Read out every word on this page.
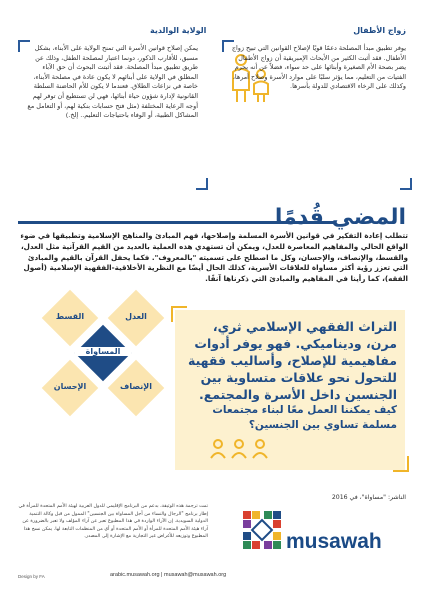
زواج الأطفال
يوفر تطبيق مبدأ المصلحة دعمًا قويًا لإصلاح القوانين التي تبيح زواج الأطفال. فقد أثبت الكثير من الأبحاث الإمبريقية أن زواج الأطفال يضر بصحة الأم الصغيرة وأبنائها على حد سواء، فضلاً عن أنه يحرم الفتيات من التعليم، مما يؤثر سلبًا على موارد الأسرة وصلاح أمرها، وكذلك على الرخاء الاقتصادي للدولة بأسرها.
الولاية الوالدية
يمكن إصلاح قوانين الأسرة التي تمنح الولاية على الأبناء، بشكل مسبق، للأقارب الذكور، دونما اعتبار لمصلحة الطفل، وذلك عن طريق تطبيق مبدأ المصلحة. فقد أثبتت البحوث أن حق الآباء المطلق في الولاية على أبنائهم لا يكون عادة في مصلحة الأبناء، خاصة في نزاعات الطلاق. فعندما لا يكون للأم الحاضنة السلطة القانونية لإدارة شؤون حياة أبنائها، فهي لن تستطيع أن توفر لهم أوجه الرعاية المختلفة (مثل فتح حسابات بنكية لهم، أو التعامل مع المشاكل الطبية، أو الوفاء باحتياجات التعليم.. إلخ.)
المضي قُدمًا
تتطلب إعادة التفكير في قوانين الأسرة المسلمة وإصلاحها، فهم المبادئ والمناهج الإسلامية وتطبيقها في ضوء الواقع الحالي والمفاهيم المعاصرة للعدل، ويمكن أن تستهدي هذه العملية بالعديد من القيم القرآنية مثل العدل، والقسط، والإنصاف، والإحسان، وكل ما اصطلح على تسميته "بالمعروف". فكما يحفل القرآن بالقيم والمبادئ التي تعزز رؤية أكثر مساواة للعلاقات الأسرية، كذلك الحال أيضًا مع النظرية الأخلاقية-الفقهية الإسلامية (أصول الفقه)، كما رأينا في المفاهيم والمبادئ التي ذكرناها آنفًا.
العدل
القسط
المساواة
الإنصاف
الإحسان
التراث الفقهي الإسلامي ثري، مرن، وديناميكي. فهو يوفر أدوات مفاهيمية للإصلاح، وأساليب فقهية للتحول نحو علاقات متساوية بين الجنسين داخل الأسرة والمجتمع.
كيف يمكننا العمل معًا لبناء مجتمعات مسلمة تساوي بين الجنسين؟
الناشر: "مساواة"، في 2016
تمت ترجمة هذه الوثيقة، بدعم من البرنامج الإقليمي للدول العربية لهيئة الأمم المتحدة للمرأة في إطار برنامج "الرجال والنساء من أجل المساواة بين الجنسين" الممول من قبل وكالة التنمية الدولية السويدية. إن الآراء الواردة في هذا المطبوع تعبر عن آراء المؤلف ولا تعبر بالضرورة عن آراء هيئة الأمم المتحدة للمرأة أو الأمم المتحدة أو أي من المنظمات التابعة لها. يمكن نسخ هذا المطبوع وتوزيعه للأغراض غير التجارية مع الإشارة إلى المصدر.	musawah
arabic.musawah.org | musawah@musawah.org
Design by FA
